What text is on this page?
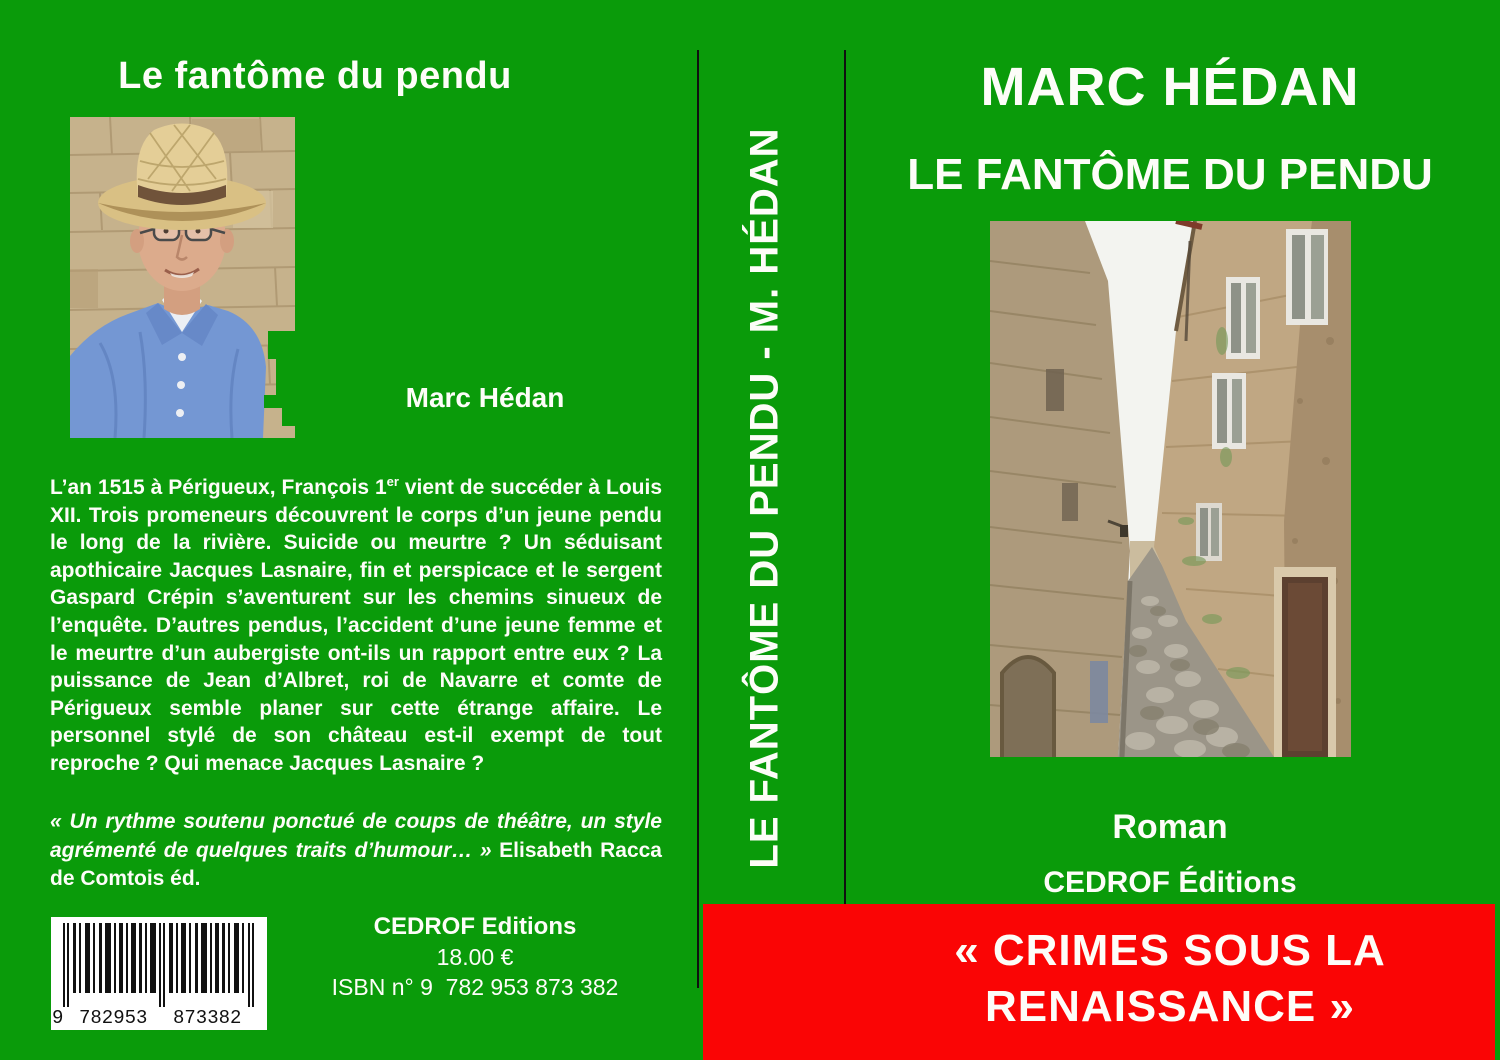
Le fantôme du pendu
Marc Hédan

L’an 1515 à Périgueux, François 1er vient de succéder à Louis XII. Trois promeneurs découvrent le corps d’un jeune pendu le long de la rivière. Suicide ou meurtre ? Un séduisant apothicaire Jacques Lasnaire, fin et perspicace et le sergent Gaspard Crépin s’aventurent sur les chemins sinueux de l’enquête. D’autres pendus, l’accident d’une jeune femme et le meurtre d’un aubergiste ont-ils un rapport entre eux ? La puissance de Jean d’Albret, roi de Navarre et comte de Périgueux semble planer sur cette étrange affaire. Le personnel stylé de son château est-il exempt de tout reproche ? Qui menace Jacques Lasnaire ?

« Un rythme soutenu ponctué de coups de théâtre, un style agrémenté de quelques traits d’humour… » Elisabeth Racca de Comtois éd.

CEDROF Editions
18.00 €
ISBN n° 9  782 953 873 382
9 782953 873382
LE FANTÔME DU PENDU - M. HÉDAN
MARC HÉDAN
LE FANTÔME DU PENDU
Roman
CEDROF Éditions
« CRIMES SOUS LA
RENAISSANCE »
